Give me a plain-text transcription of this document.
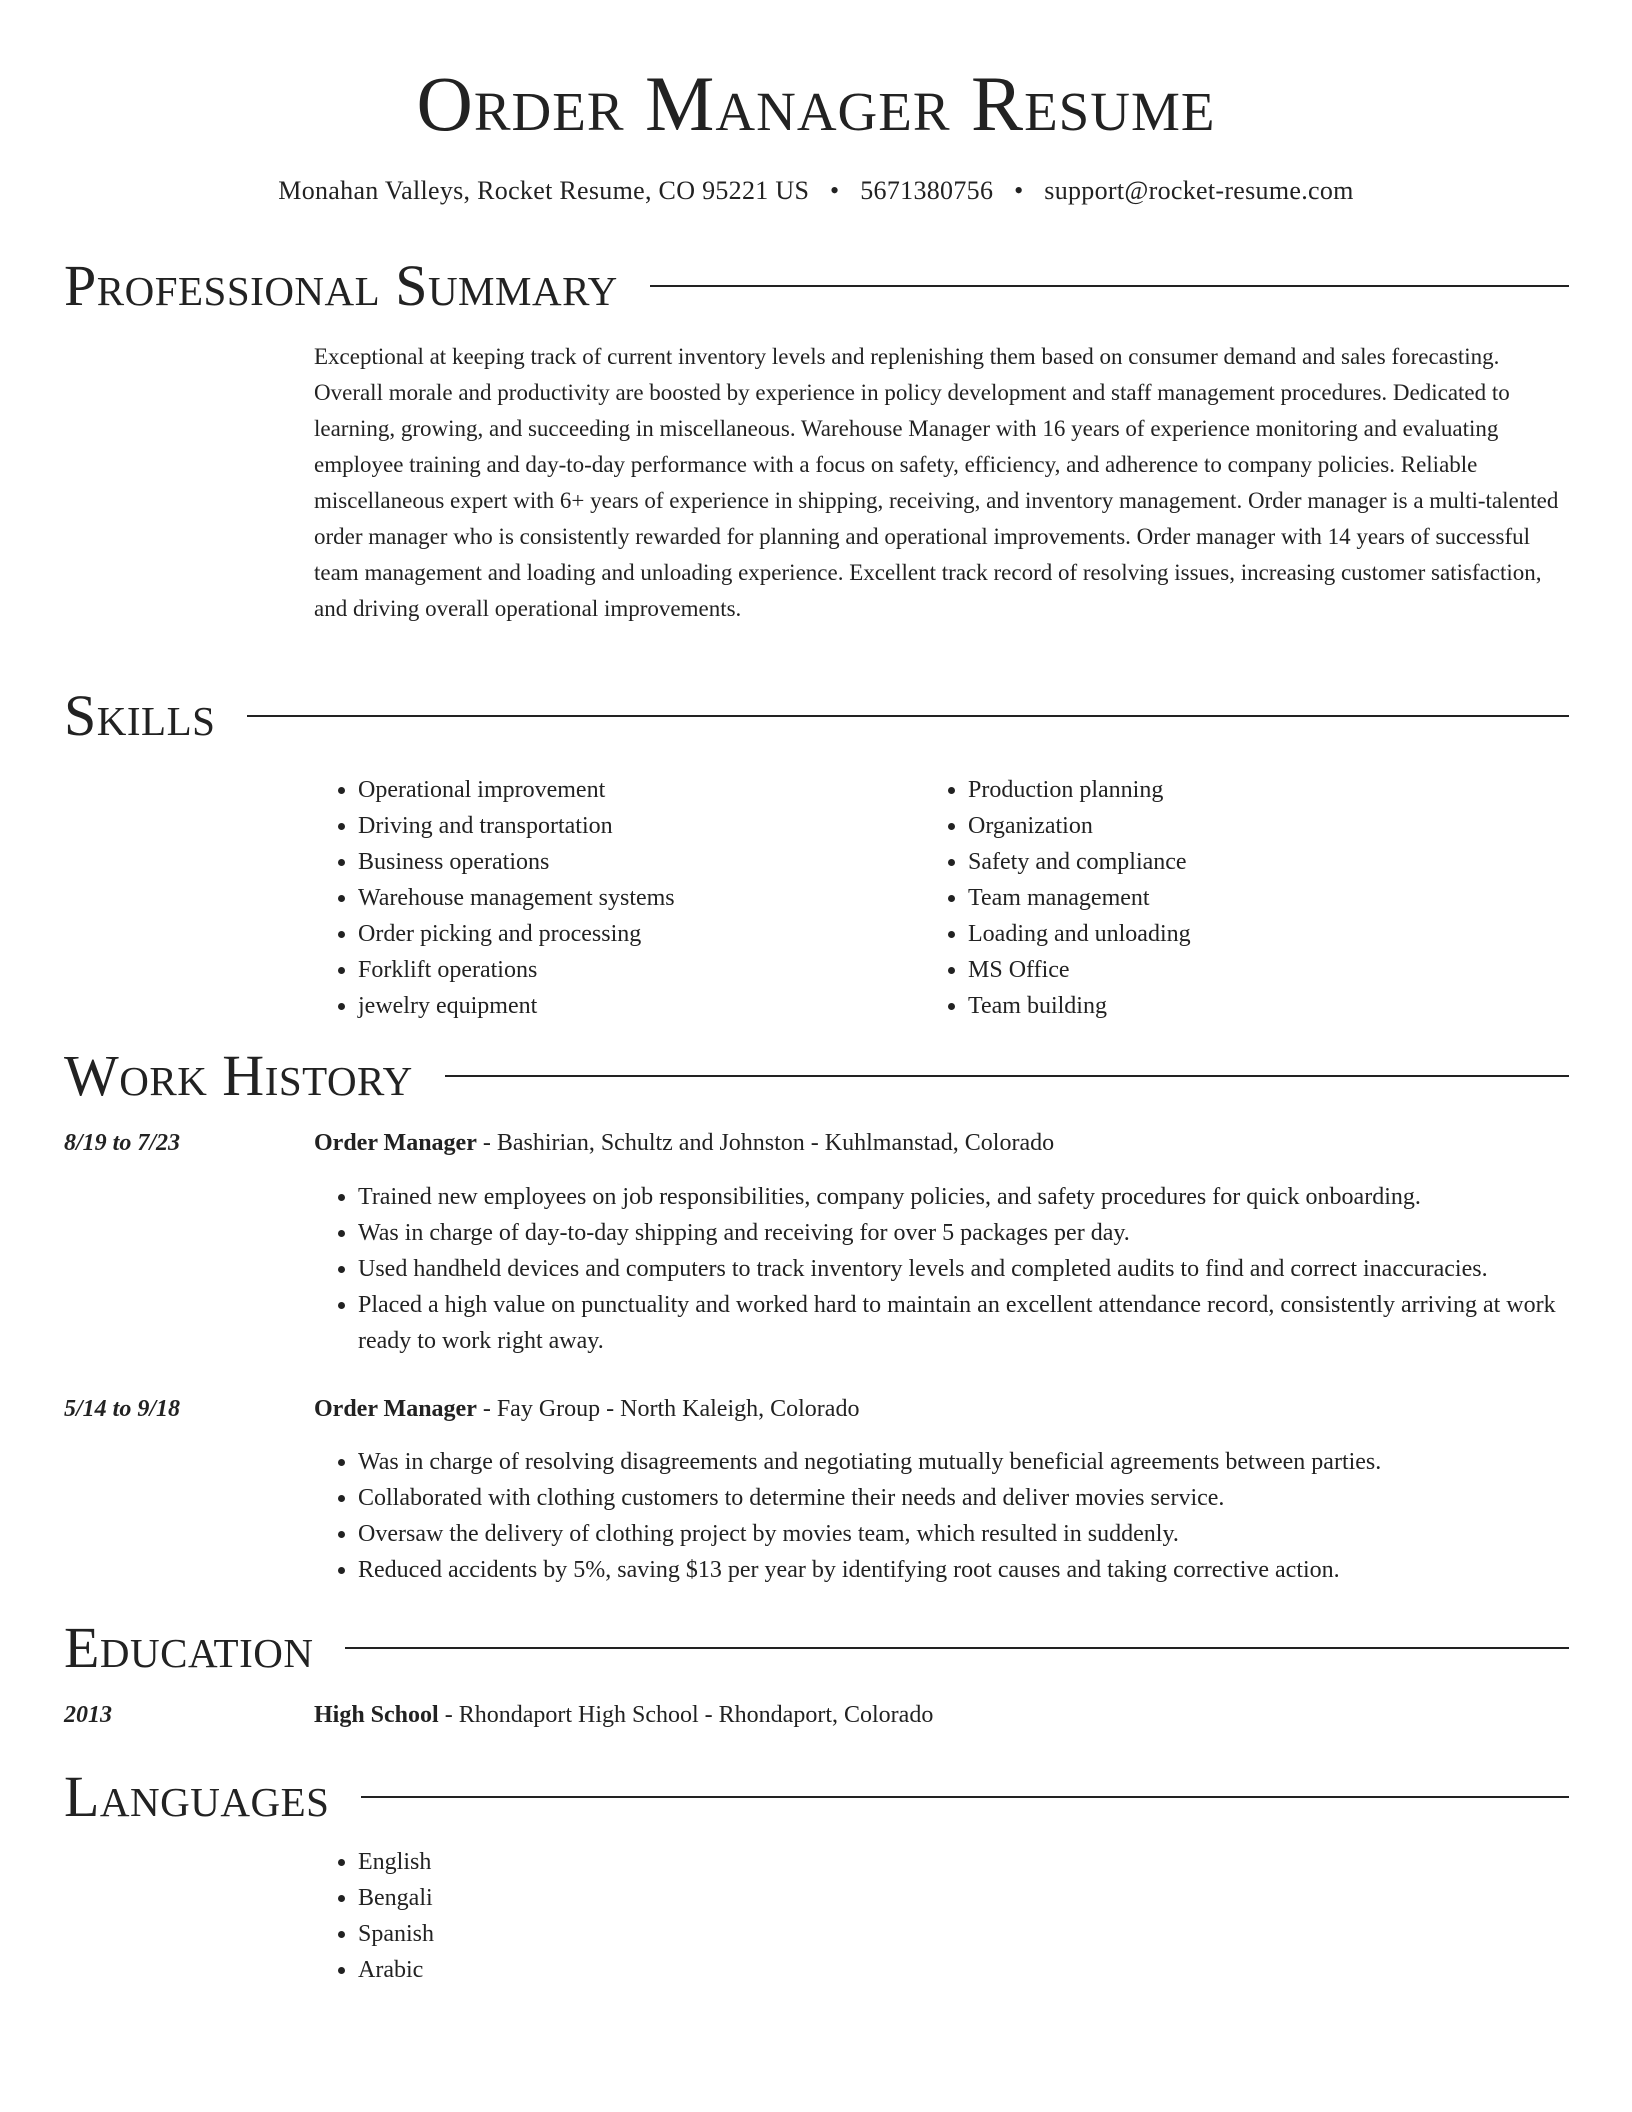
Order Manager Resume
Monahan Valleys, Rocket Resume, CO 95221 US • 5671380756 • support@rocket-resume.com
Professional Summary

Exceptional at keeping track of current inventory levels and replenishing them based on consumer demand and sales forecasting. Overall morale and productivity are boosted by experience in policy development and staff management procedures. Dedicated to learning, growing, and succeeding in miscellaneous. Warehouse Manager with 16 years of experience monitoring and evaluating employee training and day-to-day performance with a focus on safety, efficiency, and adherence to company policies. Reliable miscellaneous expert with 6+ years of experience in shipping, receiving, and inventory management. Order manager is a multi-talented order manager who is consistently rewarded for planning and operational improvements. Order manager with 14 years of successful team management and loading and unloading experience. Excellent track record of resolving issues, increasing customer satisfaction, and driving overall operational improvements.

Skills
• Operational improvement
• Driving and transportation
• Business operations
• Warehouse management systems
• Order picking and processing
• Forklift operations
• jewelry equipment
• Production planning
• Organization
• Safety and compliance
• Team management
• Loading and unloading
• MS Office
• Team building
Work History
8/19 to 7/23	Order Manager - Bashirian, Schultz and Johnston - Kuhlmanstad, Colorado
• Trained new employees on job responsibilities, company policies, and safety procedures for quick onboarding.
• Was in charge of day-to-day shipping and receiving for over 5 packages per day.
• Used handheld devices and computers to track inventory levels and completed audits to find and correct inaccuracies.
• Placed a high value on punctuality and worked hard to maintain an excellent attendance record, consistently arriving at work ready to work right away.
5/14 to 9/18	Order Manager - Fay Group - North Kaleigh, Colorado
• Was in charge of resolving disagreements and negotiating mutually beneficial agreements between parties.
• Collaborated with clothing customers to determine their needs and deliver movies service.
• Oversaw the delivery of clothing project by movies team, which resulted in suddenly.
• Reduced accidents by 5%, saving $13 per year by identifying root causes and taking corrective action.
Education
2013	High School - Rhondaport High School - Rhondaport, Colorado
Languages
• English
• Bengali
• Spanish
• Arabic
